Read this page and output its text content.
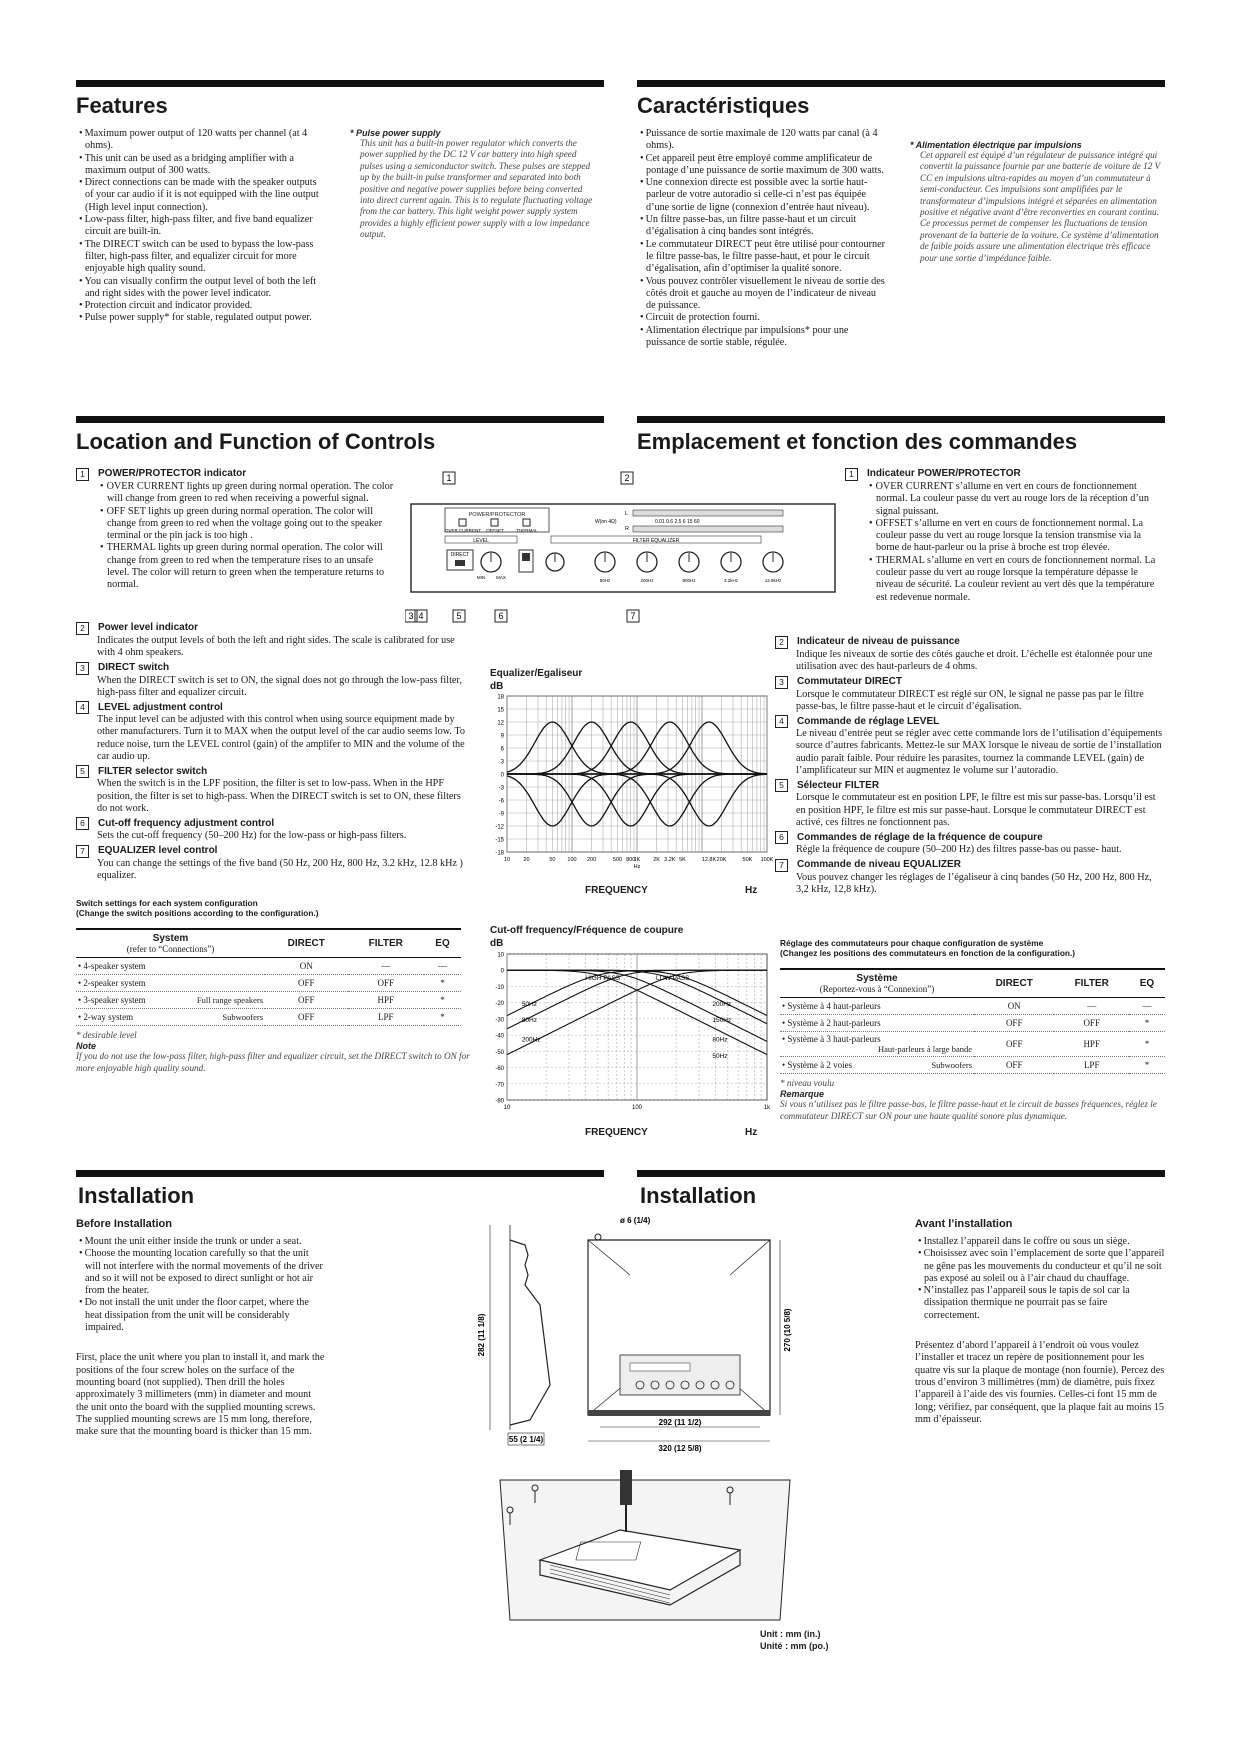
Features	Caractéristiques
• Maximum power output of 120 watts per channel (at 4 ohms).
• This unit can be used as a bridging amplifier with a maximum output of 300 watts.
• Direct connections can be made with the speaker outputs of your car audio if it is not equipped with the line output (High level input connection).
• Low-pass filter, high-pass filter, and five band equalizer circuit are built-in.
• The DIRECT switch can be used to bypass the low-pass filter, high-pass filter, and equalizer circuit for more enjoyable high quality sound.
• You can visually confirm the output level of both the left and right sides with the power level indicator.
• Protection circuit and indicator provided.
• Pulse power supply* for stable, regulated output power.
* Pulse power supply
This unit has a built-in power regulator which converts the power supplied by the DC 12 V car battery into high speed pulses using a semiconductor switch. These pulses are stepped up by the built-in pulse transformer and separated into both positive and negative power supplies before being converted into direct current again. This is to regulate fluctuating voltage from the car battery. This light weight power supply system provides a highly efficient power supply with a low impedance output.
• Puissance de sortie maximale de 120 watts par canal (à 4 ohms).
• Cet appareil peut être employé comme amplificateur de pontage d’une puissance de sortie maximum de 300 watts.
• Une connexion directe est possible avec la sortie haut-parleur de votre autoradio si celle-ci n’est pas équipée d’une sortie de ligne (connexion d’entrée haut niveau).
• Un filtre passe-bas, un filtre passe-haut et un circuit d’égalisation à cinq bandes sont intégrés.
• Le commutateur DIRECT peut être utilisé pour contourner le filtre passe-bas, le filtre passe-haut, et pour le circuit d’égalisation, afin d’optimiser la qualité sonore.
• Vous pouvez contrôler visuellement le niveau de sortie des côtés droit et gauche au moyen de l’indicateur de niveau de puissance.
• Circuit de protection fourni.
• Alimentation électrique par impulsions* pour une puissance de sortie stable, régulée.
* Alimentation électrique par impulsions
Cet appareil est équipé d’un régulateur de puissance intégré qui convertit la puissance fournie par une batterie de voiture de 12 V CC en impulsions ultra-rapides au moyen d’un commutateur à semi-conducteur. Ces impulsions sont amplifiées par le transformateur d’impulsions intégré et séparées en alimentation positive et négative avant d’être reconverties en courant continu. Ce processus permet de compenser les fluctuations de tension provenant de la batterie de la voiture. Ce système d’alimentation de faible poids assure une alimentation électrique très efficace pour une sortie d’impédance faible.
Location and Function of Controls	Emplacement et fonction des commandes
1	POWER/PROTECTOR indicator
• OVER CURRENT lights up green during normal operation. The color will change from green to red when receiving a powerful signal.
• OFF SET lights up green during normal operation. The color will change from green to red when the voltage going out to the speaker terminal or the pin jack is too high .
• THERMAL lights up green during normal operation. The color will change from green to red when the temperature rises to an unsafe level. The color will return to green when the temperature returns to normal.
2	Power level indicator
Indicates the output levels of both the left and right sides. The scale is calibrated for use with 4 ohm speakers.
3	DIRECT switch
When the DIRECT switch is set to ON, the signal does not go through the low-pass filter, high-pass filter and equalizer circuit.
4	LEVEL adjustment control
The input level can be adjusted with this control when using source equipment made by other manufacturers. Turn it to MAX when the output level of the car audio seems low. To reduce noise, turn the LEVEL control (gain) of the amplifer to MIN and the volume of the car audio up.
5	FILTER selector switch
When the switch is in the LPF position, the filter is set to low-pass. When in the HPF position, the filter is set to high-pass. When the DIRECT switch is set to ON, these filters do not work.
6	Cut-off frequency adjustment control
Sets the cut-off frequency (50–200 Hz) for the low-pass or high-pass filters.
7	EQUALIZER level control
You can change the settings of the five band (50 Hz, 200 Hz, 800 Hz, 3.2 kHz, 12.8 kHz ) equalizer.
1	Indicateur POWER/PROTECTOR
• OVER CURRENT s’allume en vert en cours de fonctionnement normal. La couleur passe du vert au rouge lors de la réception d’un signal puissant.
• OFFSET s’allume en vert en cours de fonctionnement normal. La couleur passe du vert au rouge lorsque la tension transmise via la borne de haut-parleur ou la prise à broche est trop élevée.
• THERMAL s’allume en vert en cours de fonctionnement normal. La couleur passe du vert au rouge lorsque la température dépasse le niveau de sécurité. La couleur revient au vert dès que la température est redevenue normale.
2	Indicateur de niveau de puissance
Indique les niveaux de sortie des côtés gauche et droit. L’échelle est étalonnée pour une utilisation avec des haut-parleurs de 4 ohms.
3	Commutateur DIRECT
Lorsque le commutateur DIRECT est réglé sur ON, le signal ne passe pas par le filtre passe-bas, le filtre passe-haut et le circuit d’égalisation.
4	Commande de réglage LEVEL
Le niveau d’entrée peut se régler avec cette commande lors de l’utilisation d’équipements source d’autres fabricants. Mettez-le sur MAX lorsque le niveau de sortie de l’installation audio paraît faible. Pour réduire les parasites, tournez la commande LEVEL (gain) de l’amplificateur sur MIN et augmentez le volume sur l’autoradio.
5	Sélecteur FILTER
Lorsque le commutateur est en position LPF, le filtre est mis sur passe-bas. Lorsqu’il est en position HPF, le filtre est mis sur passe-haut. Lorsque le commutateur DIRECT est activé, ces filtres ne fonctionnent pas.
6	Commandes de réglage de la fréquence de coupure
Règle la fréquence de coupure (50–200 Hz) des filtres passe-bas ou passe- haut.
7	Commande de niveau EQUALIZER
Vous pouvez changer les réglages de l’égaliseur à cinq bandes (50 Hz, 200 Hz, 800 Hz, 3,2 kHz, 12,8 kHz).
1	2
POWER/PROTECTOR
OVER CURRENT OFFSET	THERMAL
L
R
W(on 4Ω)	0.01 0.6 2.5 6 15 60
LEVEL	FILTER EQUALIZER
DIRECT
MIN MAX
50Hz	200Hz	800Hz	3.2kHz	12.8kHz
3 4	5	6	7
Equalizer/Egaliseur
dB
18
15
12
9
6
3
0
-3
-6
-9
-12
-15
-18
10 20	50 100 200	500 800
1K 2K 3.2K 5K	12.8K 20K	50K 100K
Hz
FREQUENCY	Hz
Cut-off frequency/Fréquence de coupure
dB
10
0
-10
-20
-30
-40
-50
-60
-70
-80
10	100	1k
HIGH PASS	LOW PASS
50Hz
80Hz
200Hz
200Hz
150Hz
80Hz
50Hz
FREQUENCY	Hz
Switch settings for each system configuration
(Change the switch positions according to the configuration.)
System
(refer to “Connections”)	DIRECT	FILTER	EQ
• 4-speaker system	ON	—	—
• 2-speaker system	OFF	OFF	*
• 3-speaker system Full range speakers	OFF	HPF	*
• 2-way system Subwoofers	OFF	LPF	*
* desirable level
Note
If you do not use the low-pass filter, high-pass filter and equalizer circuit, set the DIRECT switch to ON for more enjoyable high quality sound.
Réglage des commutateurs pour chaque configuration de système
(Changez les positions des commutateurs en fonction de la configuration.)
Système
(Reportez-vous à “Connexion”)	DIRECT	FILTER	EQ
• Système à 4 haut-parleurs	ON	—	—
• Système à 2 haut-parleurs	OFF	OFF	*
• Système à 3 haut-parleurs
Haut-parleurs à large bande	OFF	HPF	*
• Système à 2 voies Subwoofers	OFF	LPF	*
* niveau voulu
Remarque
Si vous n’utilisez pas le filtre passe-bas, le filtre passe-haut et le circuit de basses fréquences, réglez le commutateur DIRECT sur ON pour une haute qualité sonore plus dynamique.
Installation	Installation
Before Installation
• Mount the unit either inside the trunk or under a seat.
• Choose the mounting location carefully so that the unit will not interfere with the normal movements of the driver and so it will not be exposed to direct sunlight or hot air from the heater.
• Do not install the unit under the floor carpet, where the heat dissipation from the unit will be considerably impaired.
First, place the unit where you plan to install it, and mark the positions of the four screw holes on the surface of the mounting board (not supplied). Then drill the holes approximately 3 millimeters (mm) in diameter and mount the unit onto the board with the supplied mounting screws. The supplied mounting screws are 15 mm long, therefore, make sure that the mounting board is thicker than 15 mm.
Avant l’installation
• Installez l’appareil dans le coffre ou sous un siège.
• Choisissez avec soin l’emplacement de sorte que l’appareil ne gêne pas les mouvements du conducteur et qu’il ne soit pas exposé au soleil ou à l’air chaud du chauffage.
• N’installez pas l’appareil sous le tapis de sol car la dissipation thermique ne pourrait pas se faire correctement.
Présentez d’abord l’appareil à l’endroit où vous voulez l’installer et tracez un repère de positionnement pour les quatre vis sur la plaque de montage (non fournie). Percez des trous d’environ 3 millimètres (mm) de diamètre, puis fixez l’appareil à l’aide des vis fournies. Celles-ci font 15 mm de long; vérifiez, par conséquent, que la plaque fait au moins 15 mm d’épaisseur.
282 (11 1/8)
55 (2 1/4)
ø 6 (1/4)
270 (10 5/8)
292 (11 1/2)
320 (12 5/8)
Unit : mm (in.)
Unité : mm (po.)
